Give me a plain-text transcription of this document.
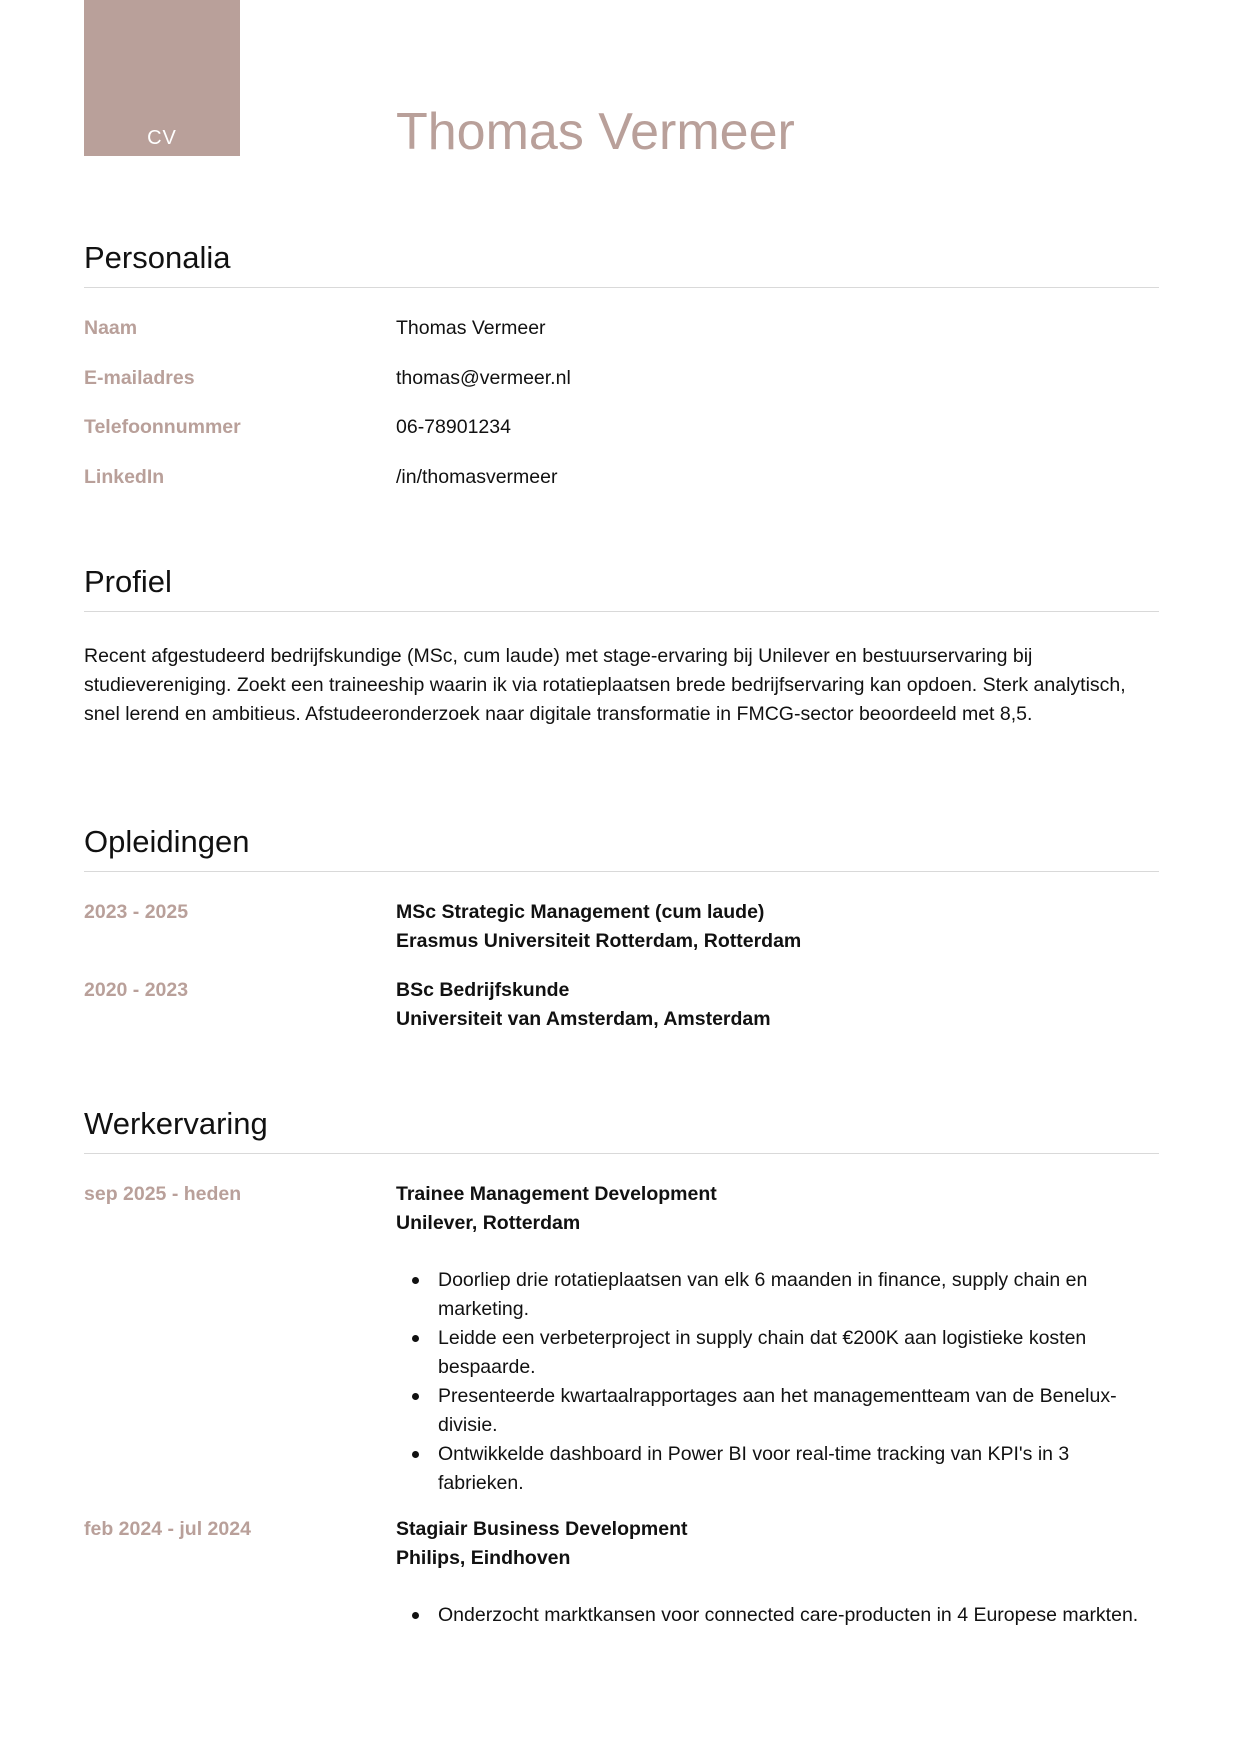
CV	Thomas Vermeer
Personalia
Naam	Thomas Vermeer
E-mailadres	thomas@vermeer.nl
Telefoonnummer	06-78901234
LinkedIn	/in/thomasvermeer
Profiel
Recent afgestudeerd bedrijfskundige (MSc, cum laude) met stage-ervaring bij Unilever en bestuurservaring bij studievereniging. Zoekt een traineeship waarin ik via rotatieplaatsen brede bedrijfservaring kan opdoen. Sterk analytisch, snel lerend en ambitieus. Afstudeeronderzoek naar digitale transformatie in FMCG-sector beoordeeld met 8,5.
Opleidingen
2023 - 2025	MSc Strategic Management (cum laude)
Erasmus Universiteit Rotterdam, Rotterdam
2020 - 2023	BSc Bedrijfskunde
Universiteit van Amsterdam, Amsterdam
Werkervaring
sep 2025 - heden	Trainee Management Development
Unilever, Rotterdam
Doorliep drie rotatieplaatsen van elk 6 maanden in finance, supply chain en marketing.
Leidde een verbeterproject in supply chain dat €200K aan logistieke kosten bespaarde.
Presenteerde kwartaalrapportages aan het managementteam van de Benelux-divisie.
Ontwikkelde dashboard in Power BI voor real-time tracking van KPI's in 3 fabrieken.
feb 2024 - jul 2024	Stagiair Business Development
Philips, Eindhoven
Onderzocht marktkansen voor connected care-producten in 4 Europese markten.
